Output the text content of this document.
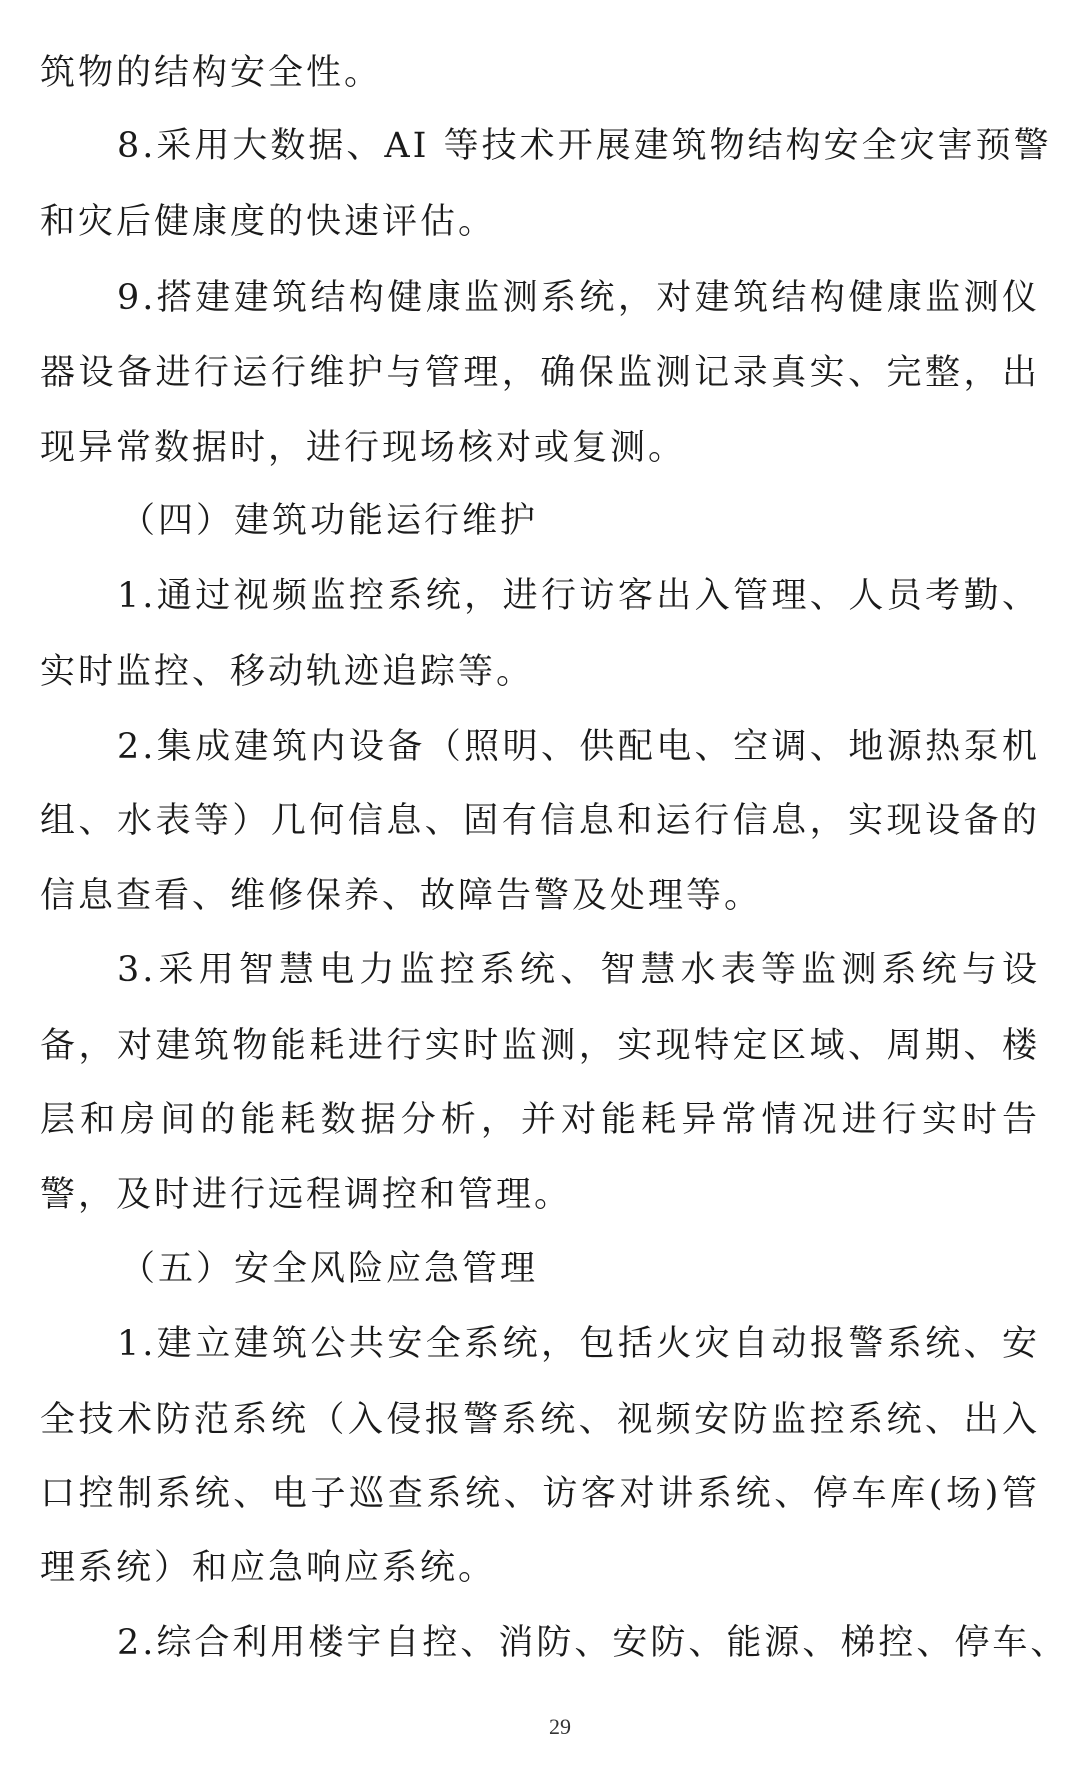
筑物的结构安全性。
8.采用大数据、AI 等技术开展建筑物结构安全灾害预警
和灾后健康度的快速评估。
9.搭建建筑结构健康监测系统，对建筑结构健康监测仪
器设备进行运行维护与管理，确保监测记录真实、完整，出
现异常数据时，进行现场核对或复测。
（四）建筑功能运行维护
1.通过视频监控系统，进行访客出入管理、人员考勤、
实时监控、移动轨迹追踪等。
2.集成建筑内设备（照明、供配电、空调、地源热泵机
组、水表等）几何信息、固有信息和运行信息，实现设备的
信息查看、维修保养、故障告警及处理等。
3.采用智慧电力监控系统、智慧水表等监测系统与设
备，对建筑物能耗进行实时监测，实现特定区域、周期、楼
层和房间的能耗数据分析，并对能耗异常情况进行实时告
警，及时进行远程调控和管理。
（五）安全风险应急管理
1.建立建筑公共安全系统，包括火灾自动报警系统、安
全技术防范系统（入侵报警系统、视频安防监控系统、出入
口控制系统、电子巡查系统、访客对讲系统、停车库(场)管
理系统）和应急响应系统。
2.综合利用楼宇自控、消防、安防、能源、梯控、停车、
29
